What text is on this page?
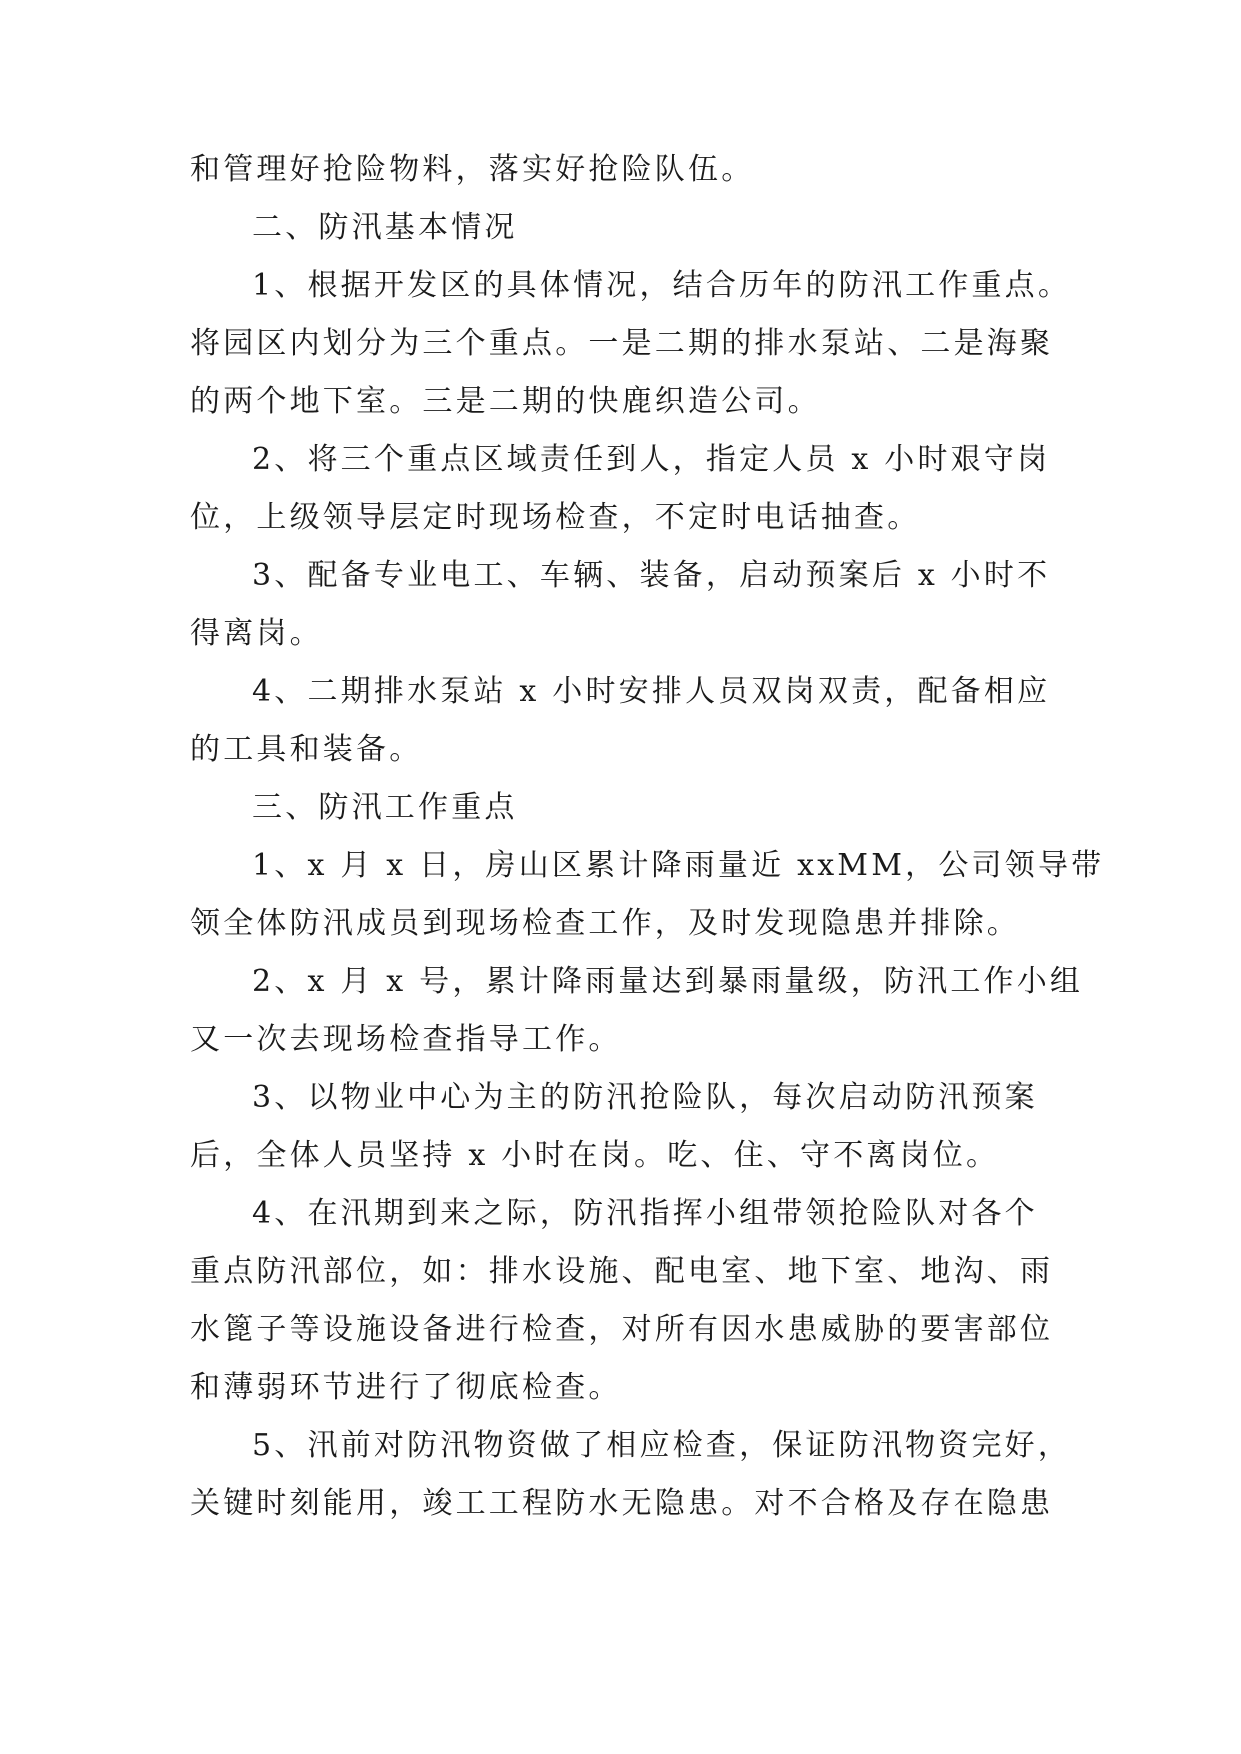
和管理好抢险物料，落实好抢险队伍。
二、防汛基本情况
1、根据开发区的具体情况，结合历年的防汛工作重点。
将园区内划分为三个重点。一是二期的排水泵站、二是海聚
的两个地下室。三是二期的快鹿织造公司。
2、将三个重点区域责任到人，指定人员 x 小时艰守岗
位，上级领导层定时现场检查，不定时电话抽查。
3、配备专业电工、车辆、装备，启动预案后 x 小时不
得离岗。
4、二期排水泵站 x 小时安排人员双岗双责，配备相应
的工具和装备。
三、防汛工作重点
1、x 月 x 日，房山区累计降雨量近 xxMM，公司领导带
领全体防汛成员到现场检查工作，及时发现隐患并排除。
2、x 月 x 号，累计降雨量达到暴雨量级，防汛工作小组
又一次去现场检查指导工作。
3、以物业中心为主的防汛抢险队，每次启动防汛预案
后，全体人员坚持 x 小时在岗。吃、住、守不离岗位。
4、在汛期到来之际，防汛指挥小组带领抢险队对各个
重点防汛部位，如：排水设施、配电室、地下室、地沟、雨
水篦子等设施设备进行检查，对所有因水患威胁的要害部位
和薄弱环节进行了彻底检查。
5、汛前对防汛物资做了相应检查，保证防汛物资完好，
关键时刻能用，竣工工程防水无隐患。对不合格及存在隐患
